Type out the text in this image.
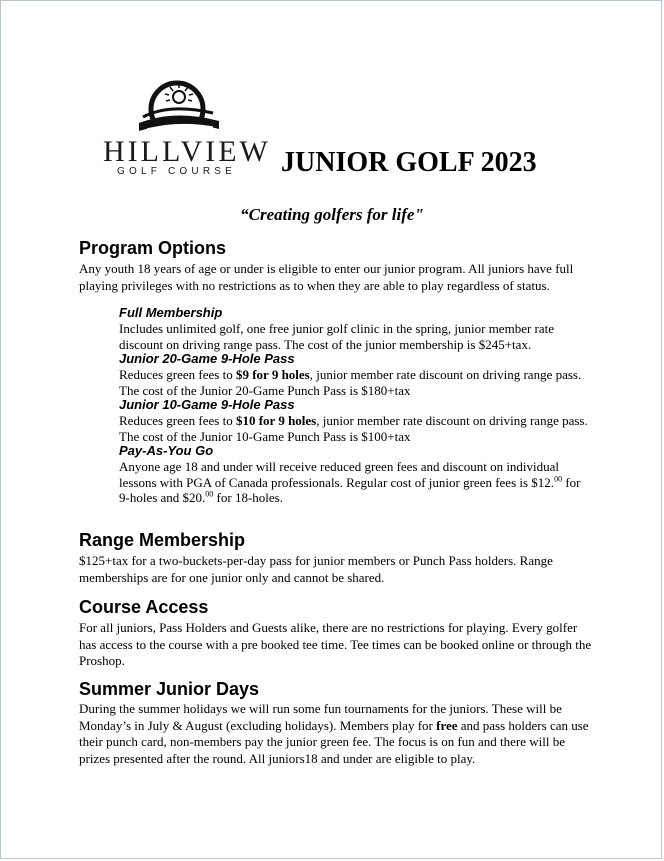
HILLVIEW
GOLF COURSE JUNIOR GOLF 2023
“Creating golfers for life"
Program Options
Any youth 18 years of age or under is eligible to enter our junior program. All juniors have full playing privileges with no restrictions as to when they are able to play regardless of status.
Full Membership
Includes unlimited golf, one free junior golf clinic in the spring, junior member rate discount on driving range pass. The cost of the junior membership is $245+tax.
Junior 20-Game 9-Hole Pass
Reduces green fees to $9 for 9 holes, junior member rate discount on driving range pass. The cost of the Junior 20-Game Punch Pass is $180+tax
Junior 10-Game 9-Hole Pass
Reduces green fees to $10 for 9 holes, junior member rate discount on driving range pass. The cost of the Junior 10-Game Punch Pass is $100+tax
Pay-As-You Go
Anyone age 18 and under will receive reduced green fees and discount on individual lessons with PGA of Canada professionals. Regular cost of junior green fees is $12.00 for 9-holes and $20.00 for 18-holes.
Range Membership
$125+tax for a two-buckets-per-day pass for junior members or Punch Pass holders. Range memberships are for one junior only and cannot be shared.
Course Access
For all juniors, Pass Holders and Guests alike, there are no restrictions for playing. Every golfer has access to the course with a pre booked tee time. Tee times can be booked online or through the Proshop.
Summer Junior Days
During the summer holidays we will run some fun tournaments for the juniors. These will be Monday’s in July & August (excluding holidays). Members play for free and pass holders can use their punch card, non-members pay the junior green fee. The focus is on fun and there will be prizes presented after the round. All juniors18 and under are eligible to play.
